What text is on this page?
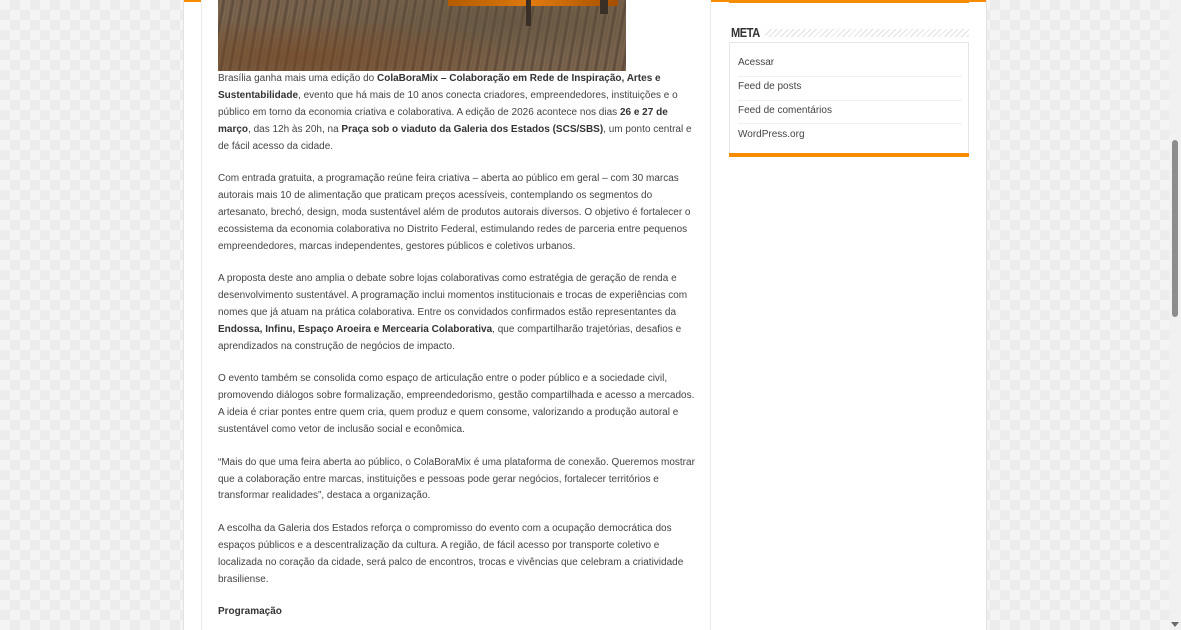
Brasília ganha mais uma edição do ColaBoraMix – Colaboração em Rede de Inspiração, Artes e Sustentabilidade, evento que há mais de 10 anos conecta criadores, empreendedores, instituições e o público em torno da economia criativa e colaborativa. A edição de 2026 acontece nos dias 26 e 27 de março, das 12h às 20h, na Praça sob o viaduto da Galeria dos Estados (SCS/SBS), um ponto central e de fácil acesso da cidade.

Com entrada gratuita, a programação reúne feira criativa – aberta ao público em geral – com 30 marcas autorais mais 10 de alimentação que praticam preços acessíveis, contemplando os segmentos do artesanato, brechó, design, moda sustentável além de produtos autorais diversos. O objetivo é fortalecer o ecossistema da economia colaborativa no Distrito Federal, estimulando redes de parceria entre pequenos empreendedores, marcas independentes, gestores públicos e coletivos urbanos.

A proposta deste ano amplia o debate sobre lojas colaborativas como estratégia de geração de renda e desenvolvimento sustentável. A programação inclui momentos institucionais e trocas de experiências com nomes que já atuam na prática colaborativa. Entre os convidados confirmados estão representantes da Endossa, Infinu, Espaço Aroeira e Mercearia Colaborativa, que compartilharão trajetórias, desafios e aprendizados na construção de negócios de impacto.

O evento também se consolida como espaço de articulação entre o poder público e a sociedade civil, promovendo diálogos sobre formalização, empreendedorismo, gestão compartilhada e acesso a mercados. A ideia é criar pontes entre quem cria, quem produz e quem consome, valorizando a produção autoral e sustentável como vetor de inclusão social e econômica.

“Mais do que uma feira aberta ao público, o ColaBoraMix é uma plataforma de conexão. Queremos mostrar que a colaboração entre marcas, instituições e pessoas pode gerar negócios, fortalecer territórios e transformar realidades”, destaca a organização.

A escolha da Galeria dos Estados reforça o compromisso do evento com a ocupação democrática dos espaços públicos e a descentralização da cultura. A região, de fácil acesso por transporte coletivo e localizada no coração da cidade, será palco de encontros, trocas e vivências que celebram a criatividade brasiliense.

Programação
META
Acessar
Feed de posts
Feed de comentários
WordPress.org
